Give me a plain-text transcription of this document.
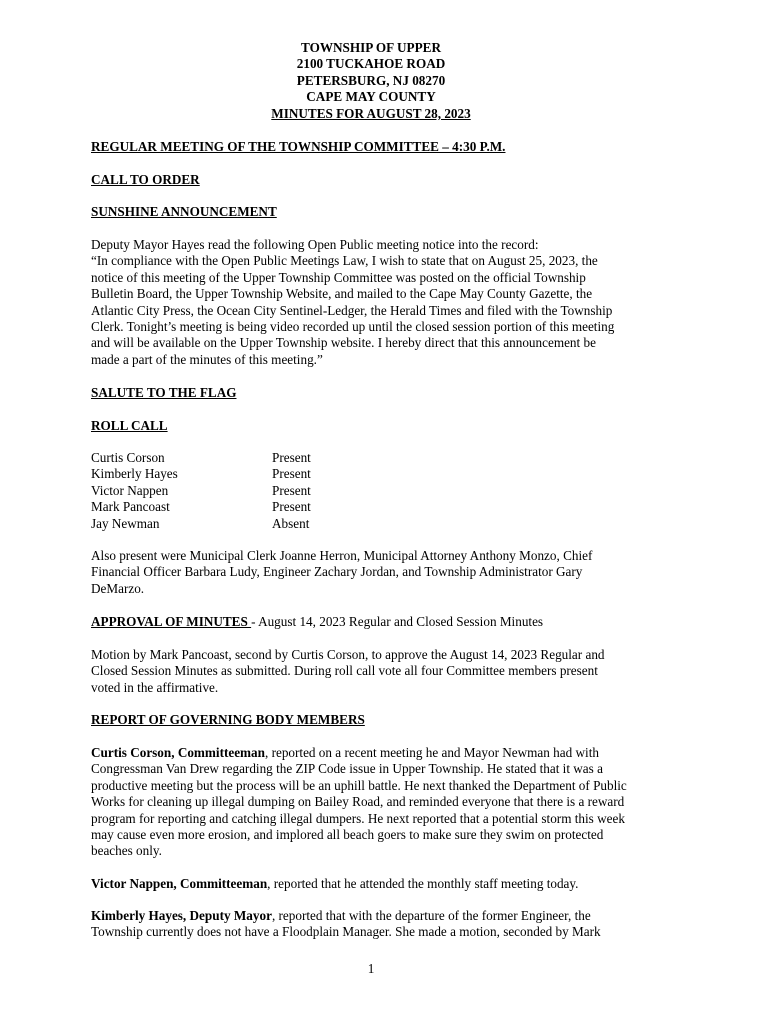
TOWNSHIP OF UPPER
2100 TUCKAHOE ROAD
PETERSBURG, NJ 08270
CAPE MAY COUNTY
MINUTES FOR AUGUST 28, 2023
REGULAR MEETING OF THE TOWNSHIP COMMITTEE – 4:30 P.M.
CALL TO ORDER
SUNSHINE ANNOUNCEMENT
Deputy Mayor Hayes read the following Open Public meeting notice into the record:
“In compliance with the Open Public Meetings Law, I wish to state that on August 25, 2023, the
notice of this meeting of the Upper Township Committee was posted on the official Township
Bulletin Board, the Upper Township Website, and mailed to the Cape May County Gazette, the
Atlantic City Press, the Ocean City Sentinel-Ledger, the Herald Times and filed with the Township
Clerk. Tonight’s meeting is being video recorded up until the closed session portion of this meeting
and will be available on the Upper Township website. I hereby direct that this announcement be
made a part of the minutes of this meeting.”
SALUTE TO THE FLAG
ROLL CALL
Curtis Corson	Present
Kimberly Hayes	Present
Victor Nappen	Present
Mark Pancoast	Present
Jay Newman	Absent
Also present were Municipal Clerk Joanne Herron, Municipal Attorney Anthony Monzo, Chief
Financial Officer Barbara Ludy, Engineer Zachary Jordan, and Township Administrator Gary
DeMarzo.
APPROVAL OF MINUTES - August 14, 2023 Regular and Closed Session Minutes
Motion by Mark Pancoast, second by Curtis Corson, to approve the August 14, 2023 Regular and
Closed Session Minutes as submitted. During roll call vote all four Committee members present
voted in the affirmative.
REPORT OF GOVERNING BODY MEMBERS
Curtis Corson, Committeeman, reported on a recent meeting he and Mayor Newman had with
Congressman Van Drew regarding the ZIP Code issue in Upper Township. He stated that it was a
productive meeting but the process will be an uphill battle. He next thanked the Department of Public
Works for cleaning up illegal dumping on Bailey Road, and reminded everyone that there is a reward
program for reporting and catching illegal dumpers. He next reported that a potential storm this week
may cause even more erosion, and implored all beach goers to make sure they swim on protected
beaches only.
Victor Nappen, Committeeman, reported that he attended the monthly staff meeting today.
Kimberly Hayes, Deputy Mayor, reported that with the departure of the former Engineer, the
Township currently does not have a Floodplain Manager. She made a motion, seconded by Mark
1
